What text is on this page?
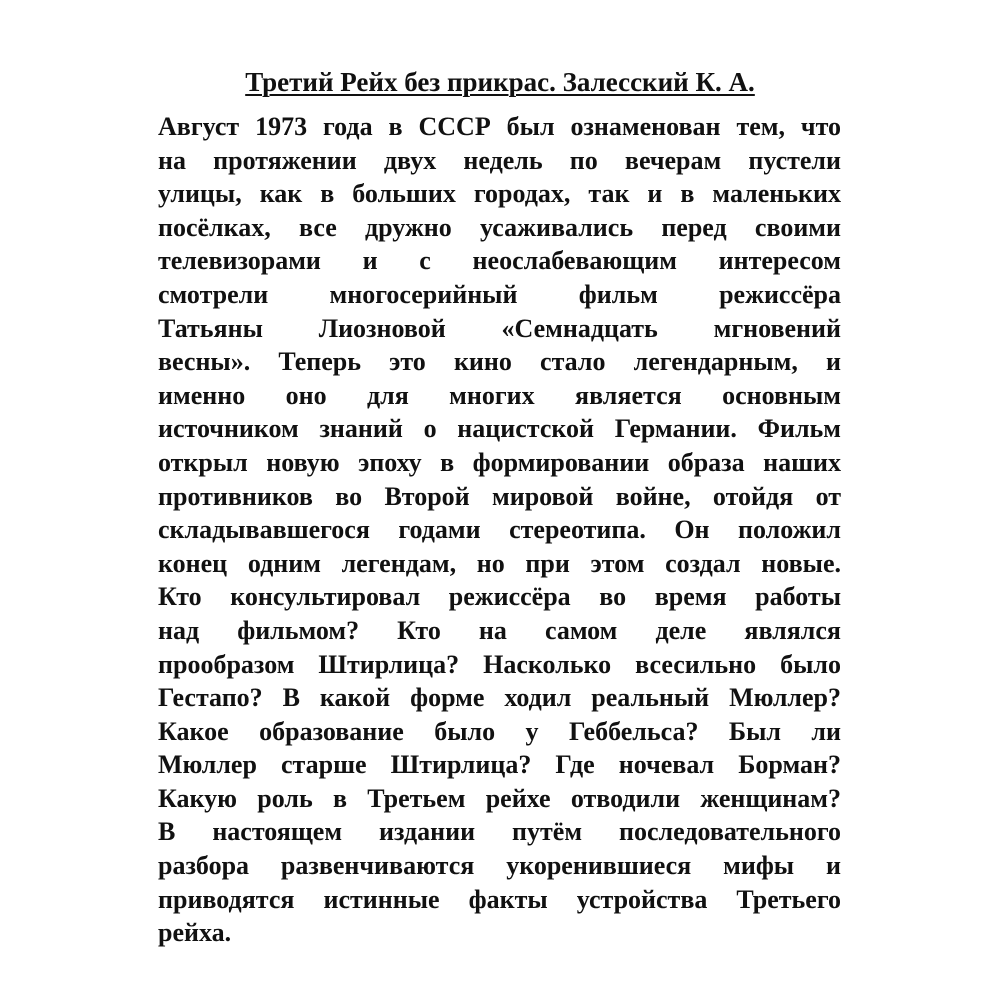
Третий Рейх без прикрас. Залесский К. А.
Август 1973 года в СССР был ознаменован тем, что
на протяжении двух недель по вечерам пустели
улицы, как в больших городах, так и в маленьких
посёлках, все дружно усаживались перед своими
телевизорами и с неослабевающим интересом
смотрели многосерийный фильм режиссёра
Татьяны Лиозновой «Семнадцать мгновений
весны». Теперь это кино стало легендарным, и
именно оно для многих является основным
источником знаний о нацистской Германии. Фильм
открыл новую эпоху в формировании образа наших
противников во Второй мировой войне, отойдя от
складывавшегося годами стереотипа. Он положил
конец одним легендам, но при этом создал новые.
Кто консультировал режиссёра во время работы
над фильмом? Кто на самом деле являлся
прообразом Штирлица? Насколько всесильно было
Гестапо? В какой форме ходил реальный Мюллер?
Какое образование было у Геббельса? Был ли
Мюллер старше Штирлица? Где ночевал Борман?
Какую роль в Третьем рейхе отводили женщинам?
В настоящем издании путём последовательного
разбора развенчиваются укоренившиеся мифы и
приводятся истинные факты устройства Третьего
рейха.
